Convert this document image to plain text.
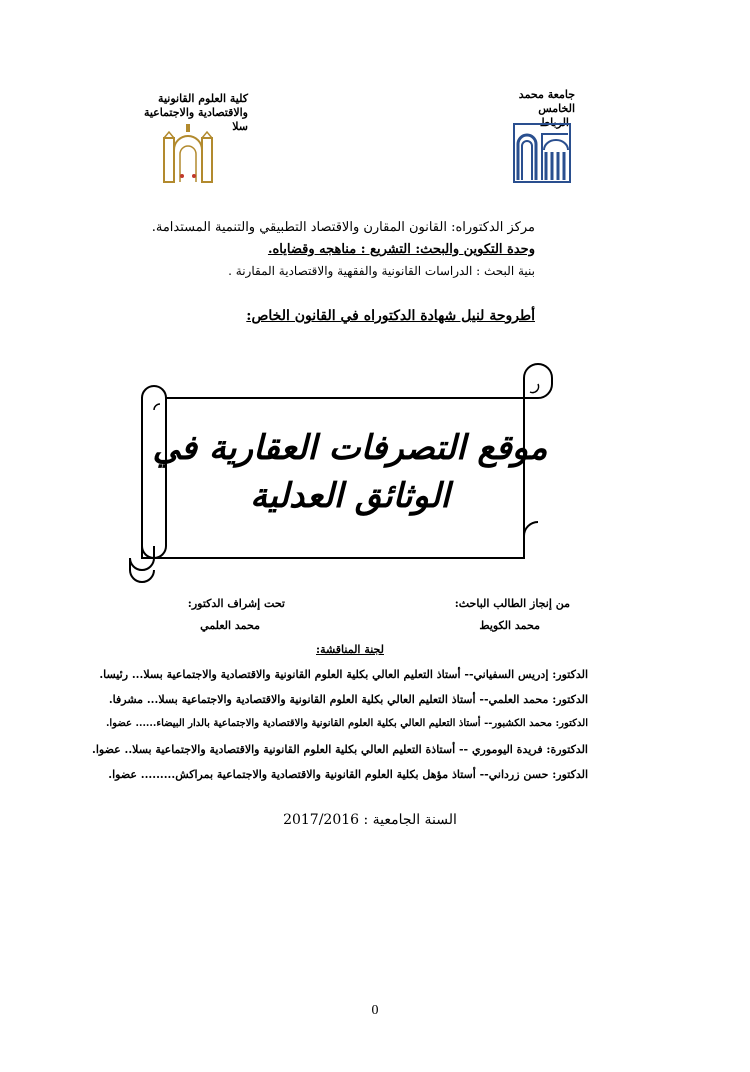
جامعة محمد الخامس
الرباط
كلية العلوم القانونية
والاقتصادية والاجتماعية سلا
مركز الدكتوراه: القانون المقارن والاقتصاد التطبيقي والتنمية المستدامة.
وحدة التكوين والبحث: التشريع : مناهجه وقضاياه.
بنية البحث : الدراسات القانونية والفقهية والاقتصادية المقارنة .
أطروحة لنيل شهادة الدكتوراه في القانون الخاص:
موقع التصرفات العقارية في
الوثائق العدلية
من إنجاز الطالب الباحث:
محمد الكويط
تحت إشراف الدكتور:
محمد العلمي
لجنة المناقشة:
الدكتور: إدريس السفياني-- أستاذ التعليم العالي بكلية العلوم القانونية والاقتصادية والاجتماعية بسلا... رئيسا.
الدكتور: محمد العلمي-- أستاذ التعليم العالي بكلية العلوم القانونية والاقتصادية والاجتماعية بسلا... مشرفا.
الدكتور: محمد الكشبور-- أستاذ التعليم العالي بكلية العلوم القانونية والاقتصادية والاجتماعية بالدار البيضاء...... عضوا.
الدكتورة: فريدة اليوموري -- أستاذة التعليم العالي بكلية العلوم القانونية والاقتصادية والاجتماعية بسلا.. عضوا.
الدكتور: حسن زرداني-- أستاذ مؤهل بكلية العلوم القانونية والاقتصادية والاجتماعية بمراكش......... عضوا.
السنة الجامعية : 2017/2016
0
